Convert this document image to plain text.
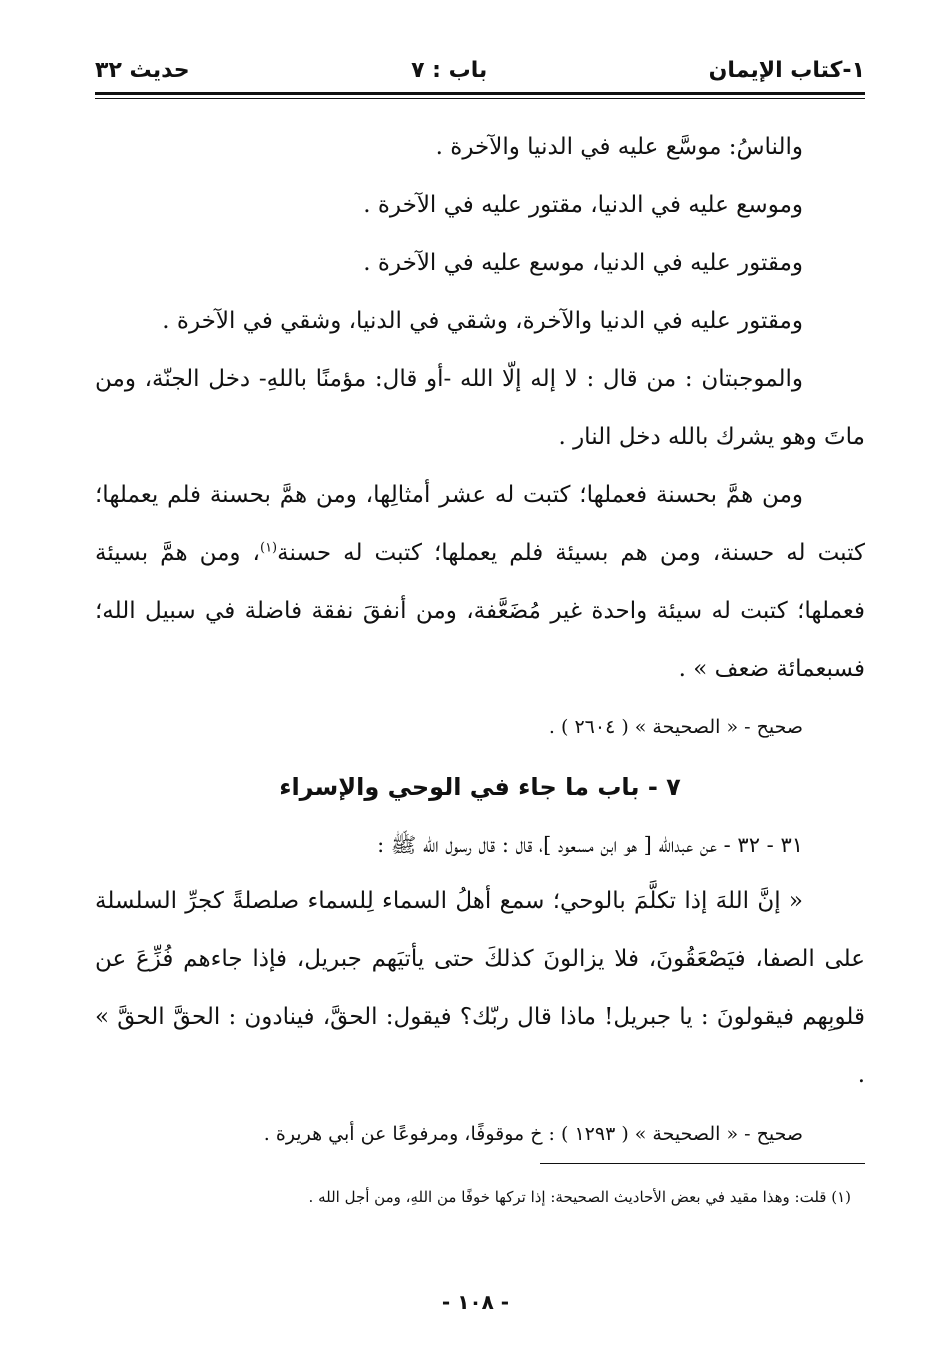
١-كتاب الإيمان
باب : ٧
حديث ٣٢

والناسُ: موسَّع عليه في الدنيا والآخرة .

وموسع عليه في الدنيا، مقتور عليه في الآخرة .

ومقتور عليه في الدنيا، موسع عليه في الآخرة .

ومقتور عليه في الدنيا والآخرة، وشقي في الدنيا، وشقي في الآخرة .

والموجبتان : من قال : لا إله إلّا الله -أو قال: مؤمنًا باللهِ- دخل الجنّة، ومن ماتَ وهو يشرك بالله دخل النار .

ومن همَّ بحسنة فعملها؛ كتبت له عشر أمثالِها، ومن همَّ بحسنة فلم يعملها؛ كتبت له حسنة، ومن هم بسيئة فلم يعملها؛ كتبت له حسنة$^{(١)}$، ومن همَّ بسيئة فعملها؛ كتبت له سيئة واحدة غير مُضَعَّفة، ومن أنفقَ نفقة فاضلة في سبيل الله؛ فسبعمائة ضعف » .

صحيح - « الصحيحة » ( ٢٦٠٤ ) .

٧ - باب ما جاء في الوحي والإسراء

٣١ - ٣٢ - عن عبدالله [ هو ابن مسعود ]، قال : قال رسول الله ﷺ :

« إنَّ اللهَ إذا تكلَّمَ بالوحي؛ سمع أهلُ السماء لِلسماء صلصلةً كجرِّ السلسلة على الصفا، فيَصْعَقُونَ، فلا يزالونَ كذلكَ حتى يأتيَهم جبريل، فإذا جاءهم فُزِّعَ عن قلوبِهم فيقولونَ : يا جبريل! ماذا قال ربّك؟ فيقول: الحقَّ، فينادون : الحقَّ الحقَّ » .

صحيح - « الصحيحة » ( ١٢٩٣ ) : خ موقوفًا، ومرفوعًا عن أبي هريرة .

(١) قلت: وهذا مقيد في بعض الأحاديث الصحيحة: إذا تركها خوفًا من اللهِ، ومن أجل الله .

- ١٠٨ -
